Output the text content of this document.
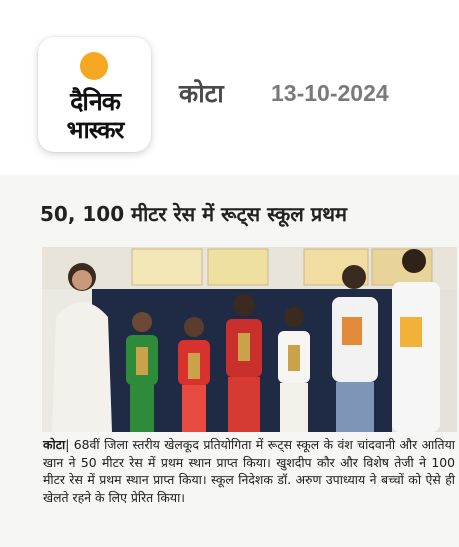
दैनिक
भास्कर
कोटा 13-10-2024
50, 100 मीटर रेस में रूट्स स्कूल प्रथम
कोटा| 68वीं जिला स्तरीय खेलकूद प्रतियोगिता में रूट्स स्कूल के वंश चांदवानी और आतिया खान ने 50 मीटर रेस में प्रथम स्थान प्राप्त किया। खुशदीप कौर और विशेष तेजी ने 100 मीटर रेस में प्रथम स्थान प्राप्त किया। स्कूल निदेशक डॉ. अरुण उपाध्याय ने बच्चों को ऐसे ही खेलते रहने के लिए प्रेरित किया।
